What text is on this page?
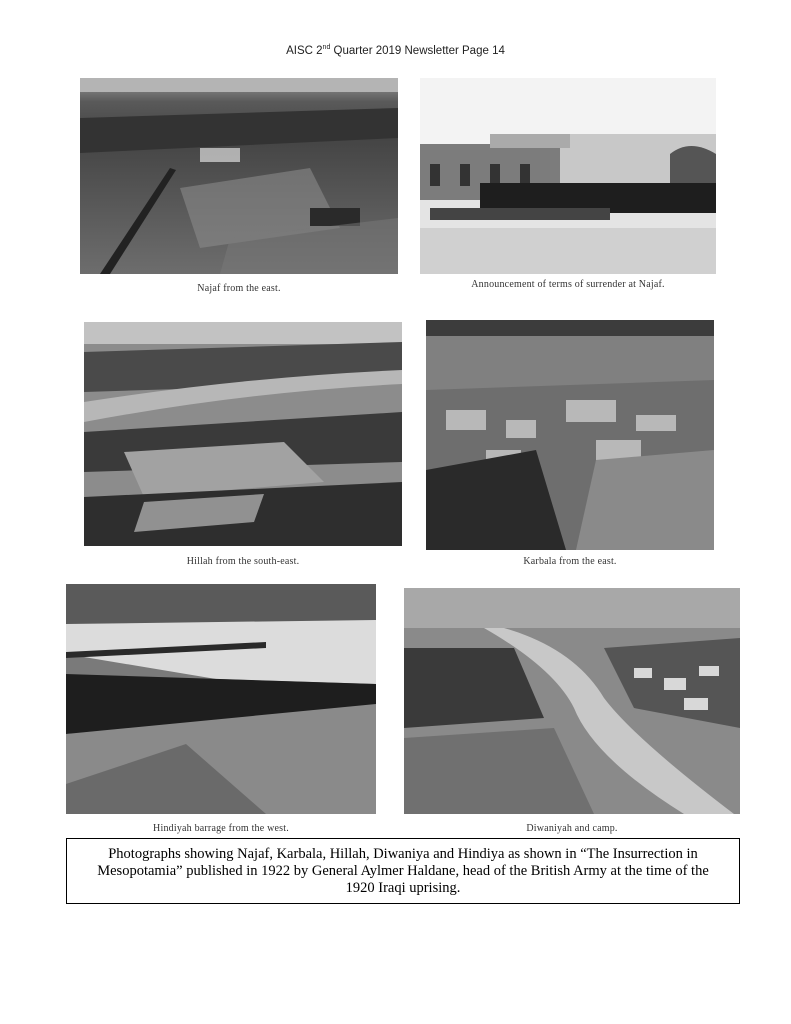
AISC 2nd Quarter 2019 Newsletter Page 14
Najaf from the east.	Announcement of terms of surrender at Najaf.
Hillah from the south-east.	Karbala from the east.
Hindiyah barrage from the west.	Diwaniyah and camp.
Photographs showing Najaf, Karbala, Hillah, Diwaniya and Hindiya as shown in “The Insurrection in Mesopotamia” published in 1922 by General Aylmer Haldane, head of the British Army at the time of the 1920 Iraqi uprising.
